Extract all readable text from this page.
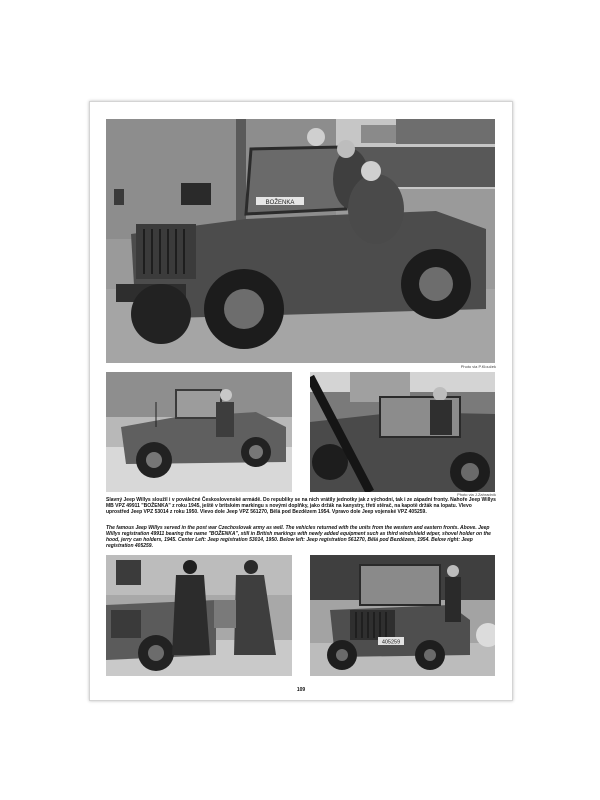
BOŽENKA
Photo via P.Klouček
Photo via J.Zahradník
Slavný Jeep Willys sloužil i v poválečné Československé armádě. Do republiky se na nich vrátily jednotky jak z východní, tak i ze západní fronty. Nahoře Jeep Willys MB VPZ 49911 "BOŽENKA" z roku 1945, ještě v britském markingu s novými doplňky, jako držák na kanystry, třetí stěrač, na kapotě držák na lopatu. Vlevo uprostřed Jeep VPZ 53014 z roku 1950. Vlevo dole Jeep VPZ 561270, Bělá pod Bezdězem 1954. Vpravo dole Jeep vojenské VPZ 405259.
The famous Jeep Willys served in the post war Czechoslovak army as well. The vehicles returned with the units from the western and eastern fronts. Above. Jeep Willys registration 49911 bearing the name "BOŽENKA", still in British markings with newly added equipment such as third windshield wiper, shovel holder on the hood, jerry can holders, 1945. Center Left: Jeep registration 53014, 1950. Below left: Jeep registration 561270, Bělá pod Bezdězem, 1954. Below right: Jeep registration 405259.
405259
109
